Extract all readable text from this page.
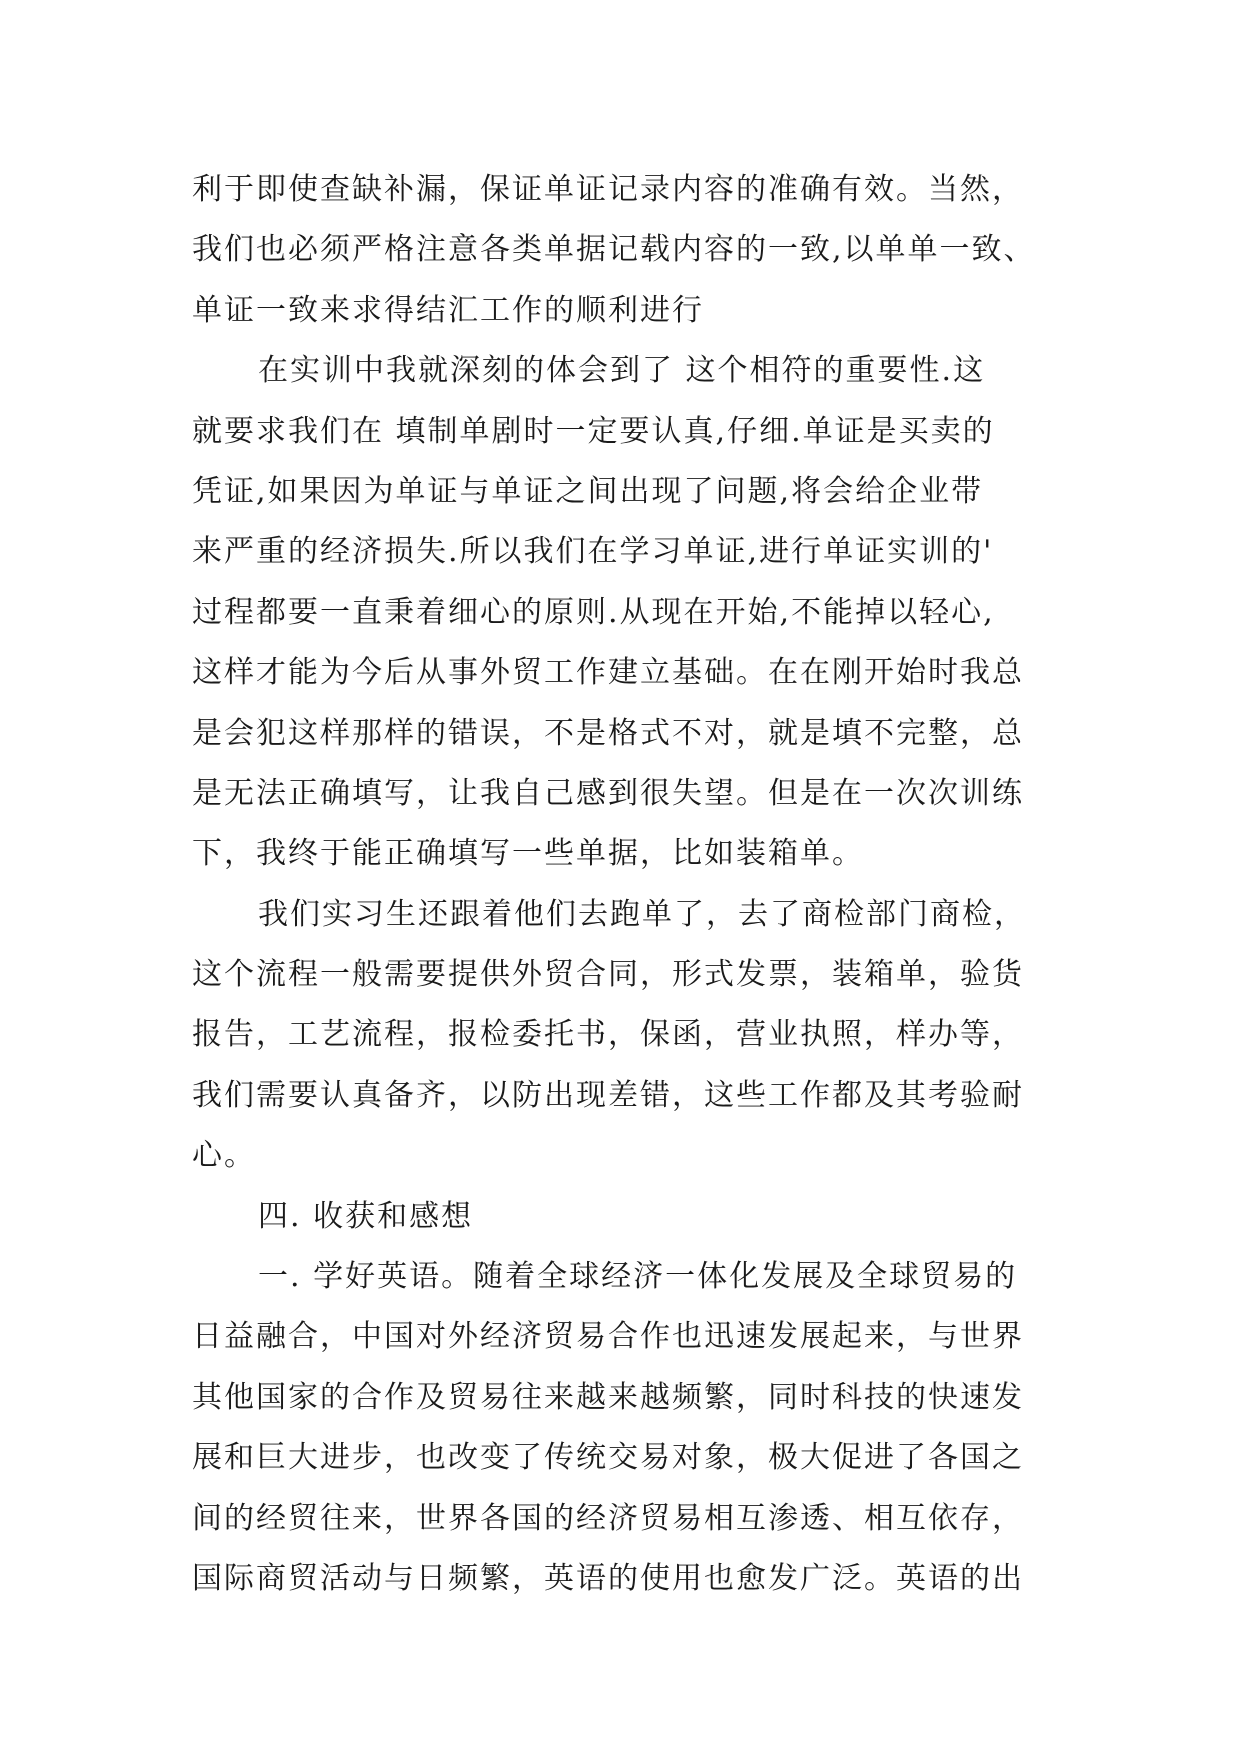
利于即使查缺补漏，保证单证记录内容的准确有效。当然，
我们也必须严格注意各类单据记载内容的一致,以单单一致、
单证一致来求得结汇工作的顺利进行
在实训中我就深刻的体会到了 这个相符的重要性.这
就要求我们在 填制单剧时一定要认真,仔细.单证是买卖的
凭证,如果因为单证与单证之间出现了问题,将会给企业带
来严重的经济损失.所以我们在学习单证,进行单证实训的'
过程都要一直秉着细心的原则.从现在开始,不能掉以轻心,
这样才能为今后从事外贸工作建立基础。在在刚开始时我总
是会犯这样那样的错误，不是格式不对，就是填不完整，总
是无法正确填写，让我自己感到很失望。但是在一次次训练
下，我终于能正确填写一些单据，比如装箱单。
我们实习生还跟着他们去跑单了，去了商检部门商检，
这个流程一般需要提供外贸合同，形式发票，装箱单，验货
报告，工艺流程，报检委托书，保函，营业执照，样办等，
我们需要认真备齐，以防出现差错，这些工作都及其考验耐
心。
四. 收获和感想
一. 学好英语。随着全球经济一体化发展及全球贸易的
日益融合，中国对外经济贸易合作也迅速发展起来，与世界
其他国家的合作及贸易往来越来越频繁，同时科技的快速发
展和巨大进步，也改变了传统交易对象，极大促进了各国之
间的经贸往来，世界各国的经济贸易相互渗透、相互依存，
国际商贸活动与日频繁，英语的使用也愈发广泛。英语的出
